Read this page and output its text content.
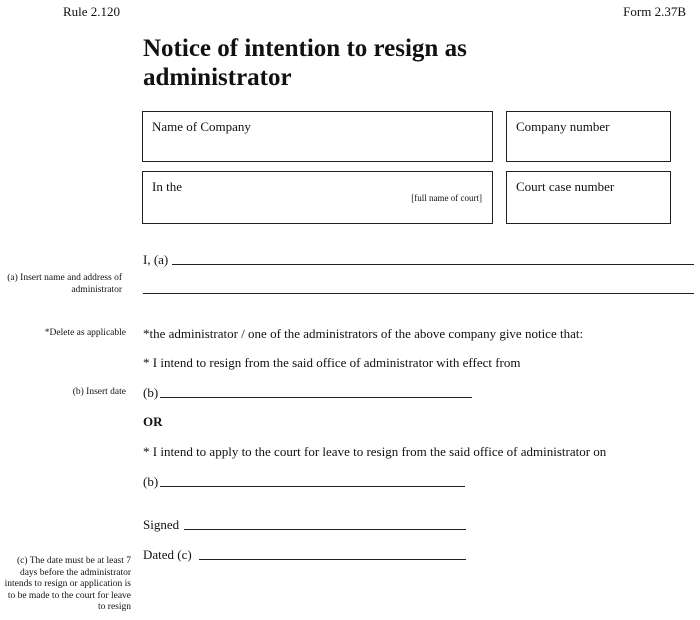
Rule 2.120	Form 2.37B
Notice of intention to resign as administrator
Name of Company	Company number
In the
[full name of court]
Court case number
I, (a)
(a) Insert name and address of administrator
*Delete as applicable *the administrator / one of the administrators of the above company give notice that:
* I intend to resign from the said office of administrator with effect from
(b) Insert date (b)
OR
* I intend to apply to the court for leave to resign from the said office of administrator on
(b)
Signed
Dated (c)
(c) The date must be at least 7 days before the administrator intends to resign or application is to be made to the court for leave to resign
